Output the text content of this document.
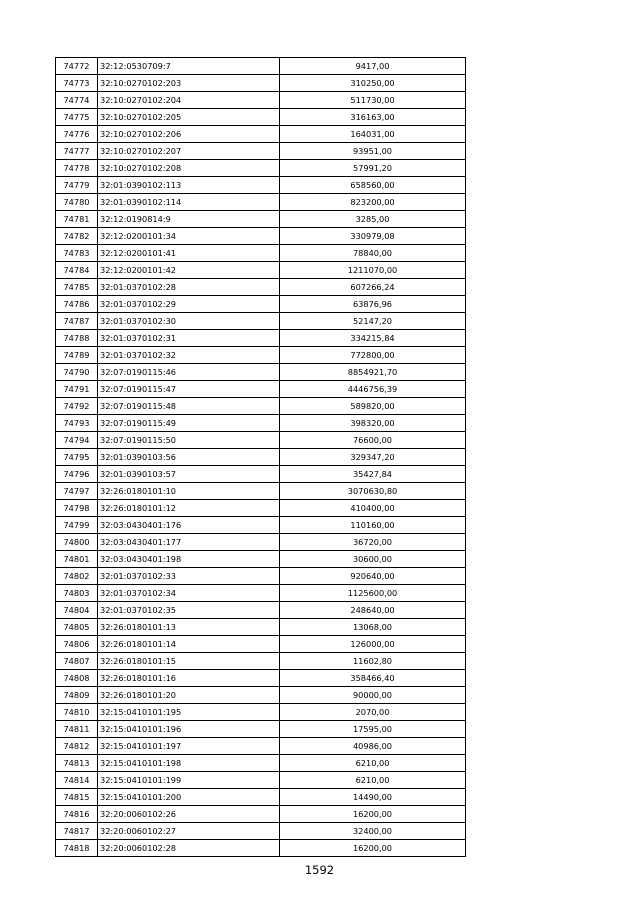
74772	32:12:0530709:7	9417,00
74773	32:10:0270102:203	310250,00
74774	32:10:0270102:204	511730,00
74775	32:10:0270102:205	316163,00
74776	32:10:0270102:206	164031,00
74777	32:10:0270102:207	93951,00
74778	32:10:0270102:208	57991,20
74779	32:01:0390102:113	658560,00
74780	32:01:0390102:114	823200,00
74781	32:12:0190814:9	3285,00
74782	32:12:0200101:34	330979,08
74783	32:12:0200101:41	78840,00
74784	32:12:0200101:42	1211070,00
74785	32:01:0370102:28	607266,24
74786	32:01:0370102:29	63876,96
74787	32:01:0370102:30	52147,20
74788	32:01:0370102:31	334215,84
74789	32:01:0370102:32	772800,00
74790	32:07:0190115:46	8854921,70
74791	32:07:0190115:47	4446756,39
74792	32:07:0190115:48	589820,00
74793	32:07:0190115:49	398320,00
74794	32:07:0190115:50	76600,00
74795	32:01:0390103:56	329347,20
74796	32:01:0390103:57	35427,84
74797	32:26:0180101:10	3070630,80
74798	32:26:0180101:12	410400,00
74799	32:03:0430401:176	110160,00
74800	32:03:0430401:177	36720,00
74801	32:03:0430401:198	30600,00
74802	32:01:0370102:33	920640,00
74803	32:01:0370102:34	1125600,00
74804	32:01:0370102:35	248640,00
74805	32:26:0180101:13	13068,00
74806	32:26:0180101:14	126000,00
74807	32:26:0180101:15	11602,80
74808	32:26:0180101:16	358466,40
74809	32:26:0180101:20	90000,00
74810	32:15:0410101:195	2070,00
74811	32:15:0410101:196	17595,00
74812	32:15:0410101:197	40986,00
74813	32:15:0410101:198	6210,00
74814	32:15:0410101:199	6210,00
74815	32:15:0410101:200	14490,00
74816	32:20:0060102:26	16200,00
74817	32:20:0060102:27	32400,00
74818	32:20:0060102:28	16200,00
1592
